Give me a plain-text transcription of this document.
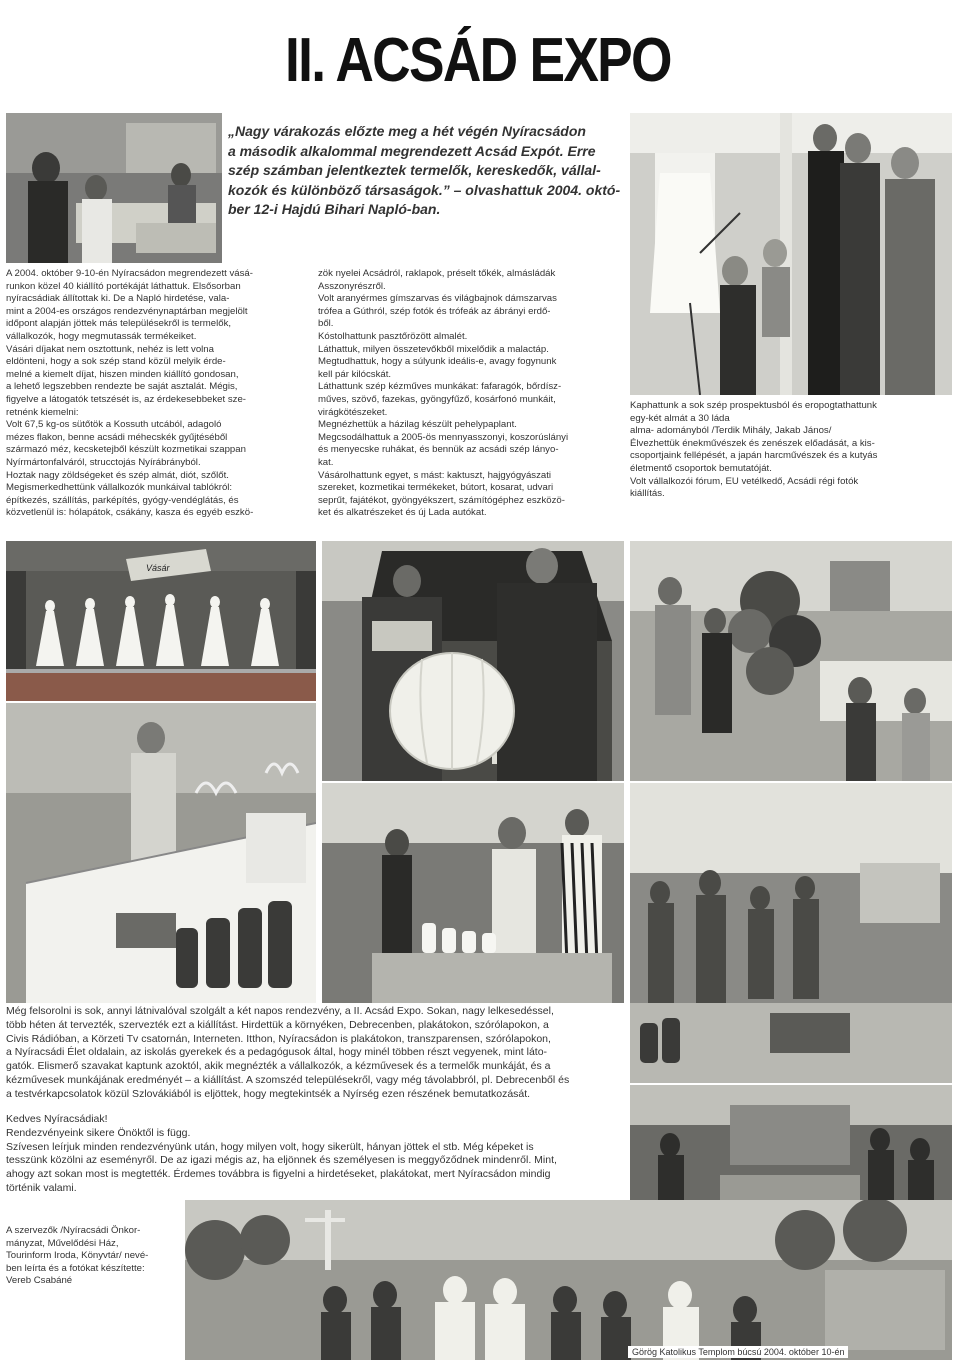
II. ACSÁD EXPO
„Nagy várakozás előzte meg a hét végén Nyíracsádon
a második alkalommal megrendezett Acsád Expót. Erre
szép számban jelentkeztek termelők, kereskedők, vállal-
kozók és különböző társaságok.” – olvashattuk 2004. októ-
ber 12-i Hajdú Bihari Napló-ban.

A 2004. október 9-10-én Nyíracsádon megrendezett vásá-

runkon közel 40 kiállító portékáját láthattuk. Elsősorban

nyíracsádiak állítottak ki. De a Napló hirdetése, vala-

mint a 2004-es országos rendezvénynaptárban megjelölt

időpont alapján jöttek más településekről is termelők,

vállalkozók, hogy megmutassák termékeiket.

Vásári díjakat nem osztottunk, nehéz is lett volna

eldönteni, hogy a sok szép stand közül melyik érde-

melné a kiemelt díjat, hiszen minden kiállító gondosan,

a lehető legszebben rendezte be saját asztalát. Mégis,

figyelve a látogatók tetszését is, az érdekesebbeket sze-

retnénk kiemelni:

Volt 67,5 kg-os sütőtök a Kossuth utcából, adagoló

mézes flakon, benne acsádi méhecskék gyűjtéséből

származó méz, kecsketejből készült kozmetikai szappan

Nyírmártonfalváról, strucctojás Nyírábrányból.

Hoztak nagy zöldségeket és szép almát, diót, szőlőt.

Megismerkedhettünk vállalkozók munkáival tablókról:

építkezés, szállítás, parképítés, gyógy-vendéglátás, és

közvetlenül is: hólapátok, csákány, kasza és egyéb eszkö-

zök nyelei Acsádról, raklapok, préselt tőkék, almásládák

Asszonyrészről.

Volt aranyérmes gímszarvas és világbajnok dámszarvas

trófea a Gúthról, szép fotók és trófeák az ábrányi erdő-

ből.

Kóstolhattunk pasztőrözött almalét.

Láthattuk, milyen összetevőkből mixelődik a malactáp.

Megtudhattuk, hogy a súlyunk ideális-e, avagy fogynunk

kell pár kilócskát.

Láthattunk szép kézműves munkákat: fafaragók, bőrdísz-

műves, szövő, fazekas, gyöngyfűző, kosárfonó munkáit,

virágkötészeket.

Megnézhettük a házilag készült pehelypaplant.

Megcsodálhattuk a 2005-ös mennyasszonyi, koszorúslányi

és menyecske ruhákat, és bennük az acsádi szép lányo-

kat.

Vásárolhattunk egyet, s mást: kaktuszt, hajgyógyászati

szereket, kozmetikai termékeket, bútort, kosarat, udvari

seprűt, fajátékot, gyöngyékszert, számítógéphez eszközö-

ket és alkatrészeket és új Lada autókat.

Kaphattunk a sok szép prospektusból és eropogtathattunk

egy-két almát a 30 láda

alma- adományból /Terdik Mihály, Jakab János/

Élvezhettük énekművészek és zenészek előadását, a kis-

csoportjaink fellépését, a japán harcművészek és a kutyás

életmentő csoportok bemutatóját.

Volt vállalkozói fórum, EU vetélkedő, Acsádi régi fotók

kiállítás.

Vásár

Még felsorolni is sok, annyi látnivalóval szolgált a két napos rendezvény, a II. Acsád Expo. Sokan, nagy lelkesedéssel,

több héten át tervezték, szervezték ezt a kiállítást. Hirdettük a környéken, Debrecenben, plakátokon, szórólapokon, a

Civis Rádióban, a Körzeti Tv csatornán, Interneten. Itthon, Nyíracsádon is plakátokon, transzparensen, szórólapokon,

a Nyíracsádi Élet oldalain, az iskolás gyerekek és a pedagógusok által, hogy minél többen részt vegyenek, mint láto-

gatók. Elismerő szavakat kaptunk azoktól, akik megnézték a vállalkozók, a kézművesek és a termelők munkáját, és a

kézművesek munkájának eredményét – a kiállítást. A szomszéd településekről, vagy még távolabbról, pl. Debrecenből és

a testvérkapcsolatok közül Szlovákiából is eljöttek, hogy megtekintsék a Nyírség ezen részének bemutatkozását.

Kedves Nyíracsádiak!

Rendezvényeink sikere Önöktől is függ.

Szívesen leírjuk minden rendezvényünk után, hogy milyen volt, hogy sikerült, hányan jöttek el stb. Még képeket is

tesszünk közölni az eseményről. De az igazi mégis az, ha eljönnek és személyesen is meggyőződnek mindenről. Mint,

ahogy azt sokan most is megtették. Érdemes továbbra is figyelni a hirdetéseket, plakátokat, mert Nyíracsádon mindig

történik valami.

A szervezők /Nyíracsádi Önkor-

mányzat, Művelődési Ház,

Tourinform Iroda, Könyvtár/ nevé-

ben leírta és a fotókat készítette:

Vereb Csabáné

Görög Katolikus Templom búcsú 2004. október 10-én
